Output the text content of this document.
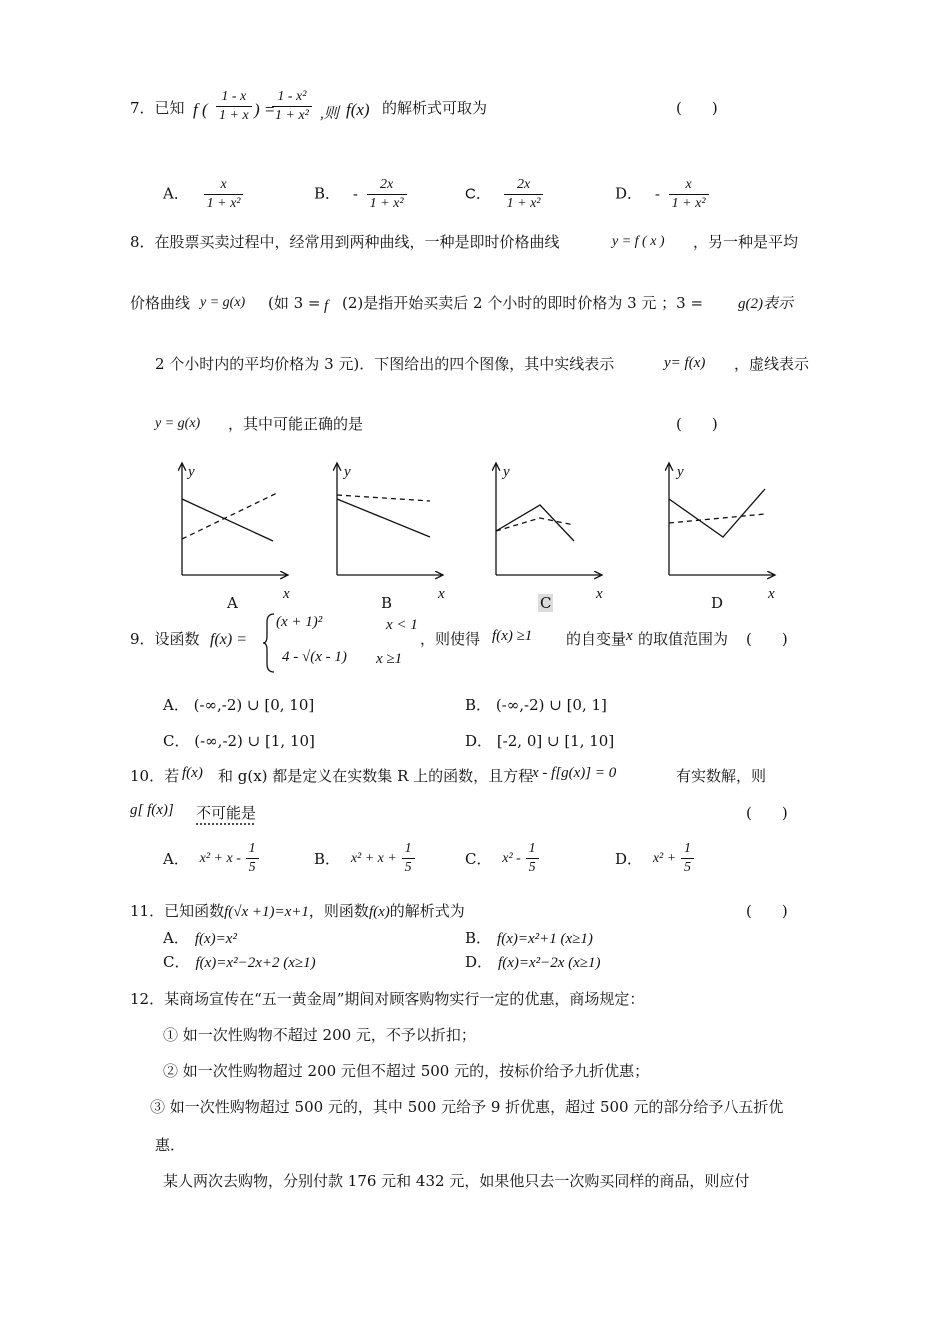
7．已知 f ( $\frac{1 - x}{1 + x}$ ) =
$\frac{\text{1 - x²}}{\text{1 + x²}}$ ,则 f(x) 的解析式可取为	(　　)
A． $\frac{x}{\text{1 + x²}}$	B． - $\frac{2x}{\text{1 + x²}}$	C． $\frac{2x}{\text{1 + x²}}$	D． - $\frac{x}{\text{1 + x²}}$
8．在股票买卖过程中，经常用到两种曲线，一种是即时价格曲线	y = f ( x ) ，另一种是平均
价格曲线 y = g(x) (如 3 = f (2)是指开始买卖后 2 个小时的即时价格为 3 元 ；3 = g(2)表示
2 个小时内的平均价格为 3 元)．下图给出的四个图像，其中实线表示	y= f(x) ，虚线表示
y = g(x) ，其中可能正确的是	(　　)
y
x
A
y
x
B
y
x
C
y
x
D
9．设函数 f(x) =
(x + 1)²	x < 1
4 - √(x - 1) x ≥1
，则使得 f(x) ≥1 的自变量 x 的取值范围为 (　　)
A． (-∞,-2) ∪ [0, 10]	B． (-∞,-2) ∪ [0, 1]
C． (-∞,-2) ∪ [1, 10]	D． [-2, 0] ∪ [1, 10]
10．若 f(x) 和 g(x) 都是定义在实数集 R 上的函数，且方程
x - f[g(x)] = 0	有实数解，则
g[ f(x)] 不可能是	(　　)
A． $x^2 + x - \frac{1}{5}$	B． $x^2 + x + \frac{1}{5}$	C． $x^2 - \frac{1}{5}$	D． $x^2 + \frac{1}{5}$
11．已知函数f(√x +1)=x+1，则函数f(x)的解析式为	(　　)
A． f(x)=x²	B． f(x)=x²+1 (x≥1)
C． f(x)=x²−2x+2 (x≥1)	D． f(x)=x²−2x (x≥1)
12．某商场宣传在“五一黄金周”期间对顾客购物实行一定的优惠，商场规定：
① 如一次性购物不超过 200 元，不予以折扣；
② 如一次性购物超过 200 元但不超过 500 元的，按标价给予九折优惠；
③ 如一次性购物超过 500 元的，其中 500 元给予 9 折优惠，超过 500 元的部分给予八五折优
惠．
某人两次去购物，分别付款 176 元和 432 元，如果他只去一次购买同样的商品，则应付
